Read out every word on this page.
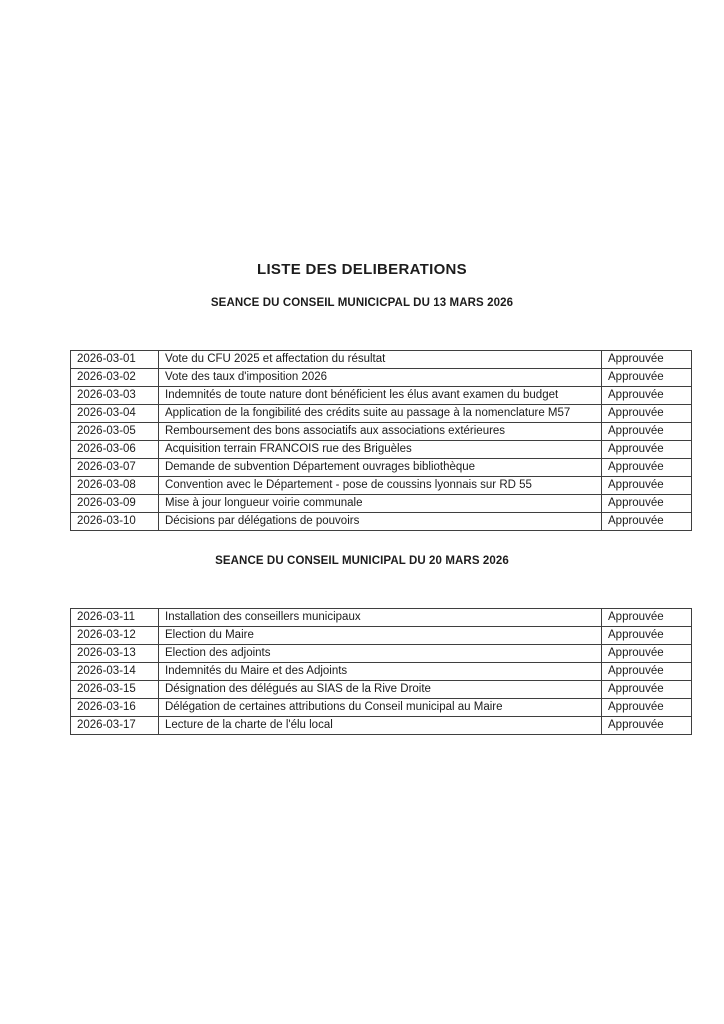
LISTE DES DELIBERATIONS
SEANCE DU CONSEIL MUNICICPAL DU 13 MARS 2026
2026-03-01	Vote du CFU 2025 et affectation du résultat	Approuvée
2026-03-02	Vote des taux d'imposition 2026	Approuvée
2026-03-03	Indemnités de toute nature dont bénéficient les élus avant examen du budget	Approuvée
2026-03-04	Application de la fongibilité des crédits suite au passage à la nomenclature M57	Approuvée
2026-03-05	Remboursement des bons associatifs aux associations extérieures	Approuvée
2026-03-06	Acquisition terrain FRANCOIS rue des Briguèles	Approuvée
2026-03-07	Demande de subvention Département ouvrages bibliothèque	Approuvée
2026-03-08	Convention avec le Département - pose de coussins lyonnais sur RD 55	Approuvée
2026-03-09	Mise à jour longueur voirie communale	Approuvée
2026-03-10	Décisions par délégations de pouvoirs	Approuvée
SEANCE DU CONSEIL MUNICIPAL DU 20 MARS 2026
2026-03-11	Installation des conseillers municipaux	Approuvée
2026-03-12	Election du Maire	Approuvée
2026-03-13	Election des adjoints	Approuvée
2026-03-14	Indemnités du Maire et des Adjoints	Approuvée
2026-03-15	Désignation des délégués au SIAS de la Rive Droite	Approuvée
2026-03-16	Délégation de certaines attributions du Conseil municipal au Maire	Approuvée
2026-03-17	Lecture de la charte de l'élu local	Approuvée
